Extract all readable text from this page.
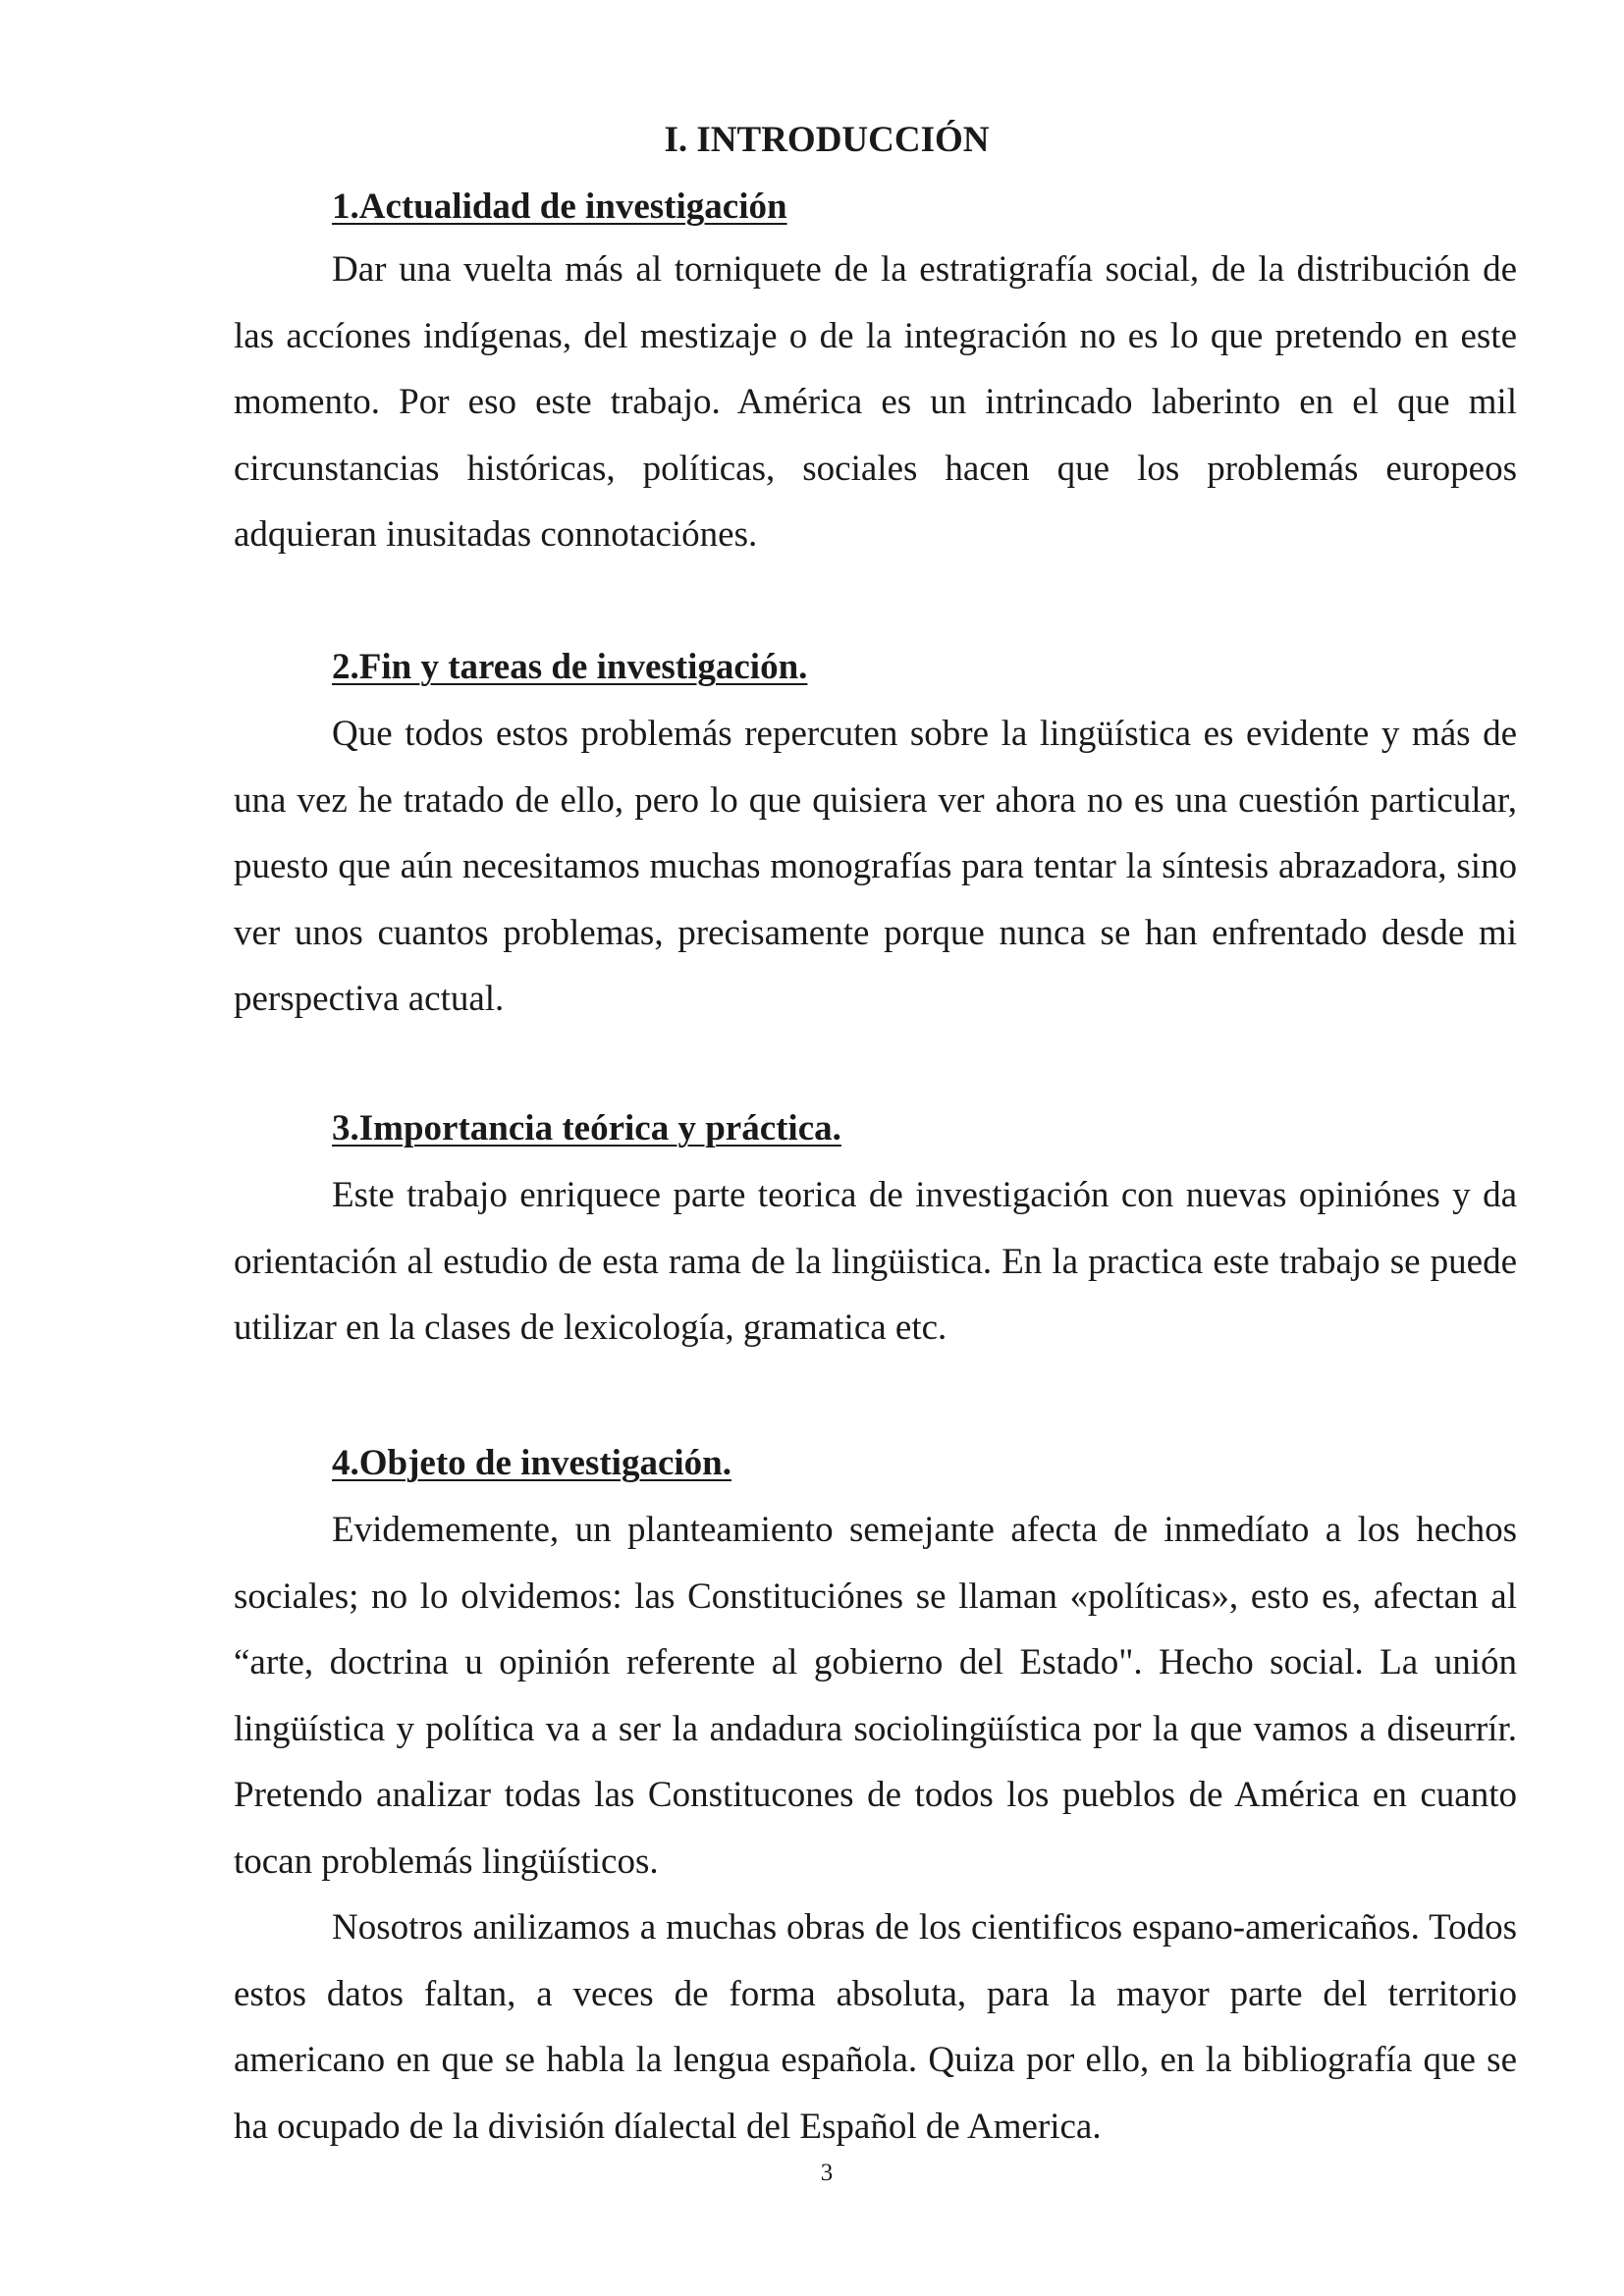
I. INTRODUCCIÓN
1.Actualidad de investigación

Dar una vuelta más al torniquete de la estratigrafía social, de la distribución de las accíones indígenas, del mestizaje o de la integración no es lo que pretendo en este momento. Por eso este trabajo. América es un intrincado laberinto en el que mil circunstancias históricas, políticas, sociales hacen que los problemás europeos adquieran inusitadas connotaciónes.

2.Fin y tareas de investigación.

Que todos estos problemás repercuten sobre la lingüística es evidente y más de una vez he tratado de ello, pero lo que quisiera ver ahora no es una cuestión particular, puesto que aún necesitamos muchas monografías para tentar la síntesis abrazadora, sino ver unos cuantos problemas, precisamente porque nunca se han enfrentado desde mi perspectiva actual.

3.Importancia teórica y práctica.

Este trabajo enriquece parte teorica de investigación con nuevas opiniónes y da orientación al estudio de esta rama de la lingüistica. En la practica este trabajo se puede utilizar en la clases de lexicología, gramatica etc.

4.Objeto de investigación.

Evidememente, un planteamiento semejante afecta de inmedíato a los hechos sociales; no lo olvidemos: las Constituciónes se llaman «políticas», esto es, afectan al “arte, doctrina u opinión referente al gobierno del Estado". Hecho social. La unión lingüística y política va a ser la andadura sociolingüística por la que vamos a diseurrír. Pretendo analizar todas las Constitucones de todos los pueblos de América en cuanto tocan problemás lingüísticos.

Nosotros anilizamos a muchas obras de los cientificos espano-americaños. Todos estos datos faltan, a veces de forma absoluta, para la mayor parte del territorio americano en que se habla la lengua española. Quiza por ello, en la bibliografía que se ha ocupado de la división díalectal del Español de America.

3
